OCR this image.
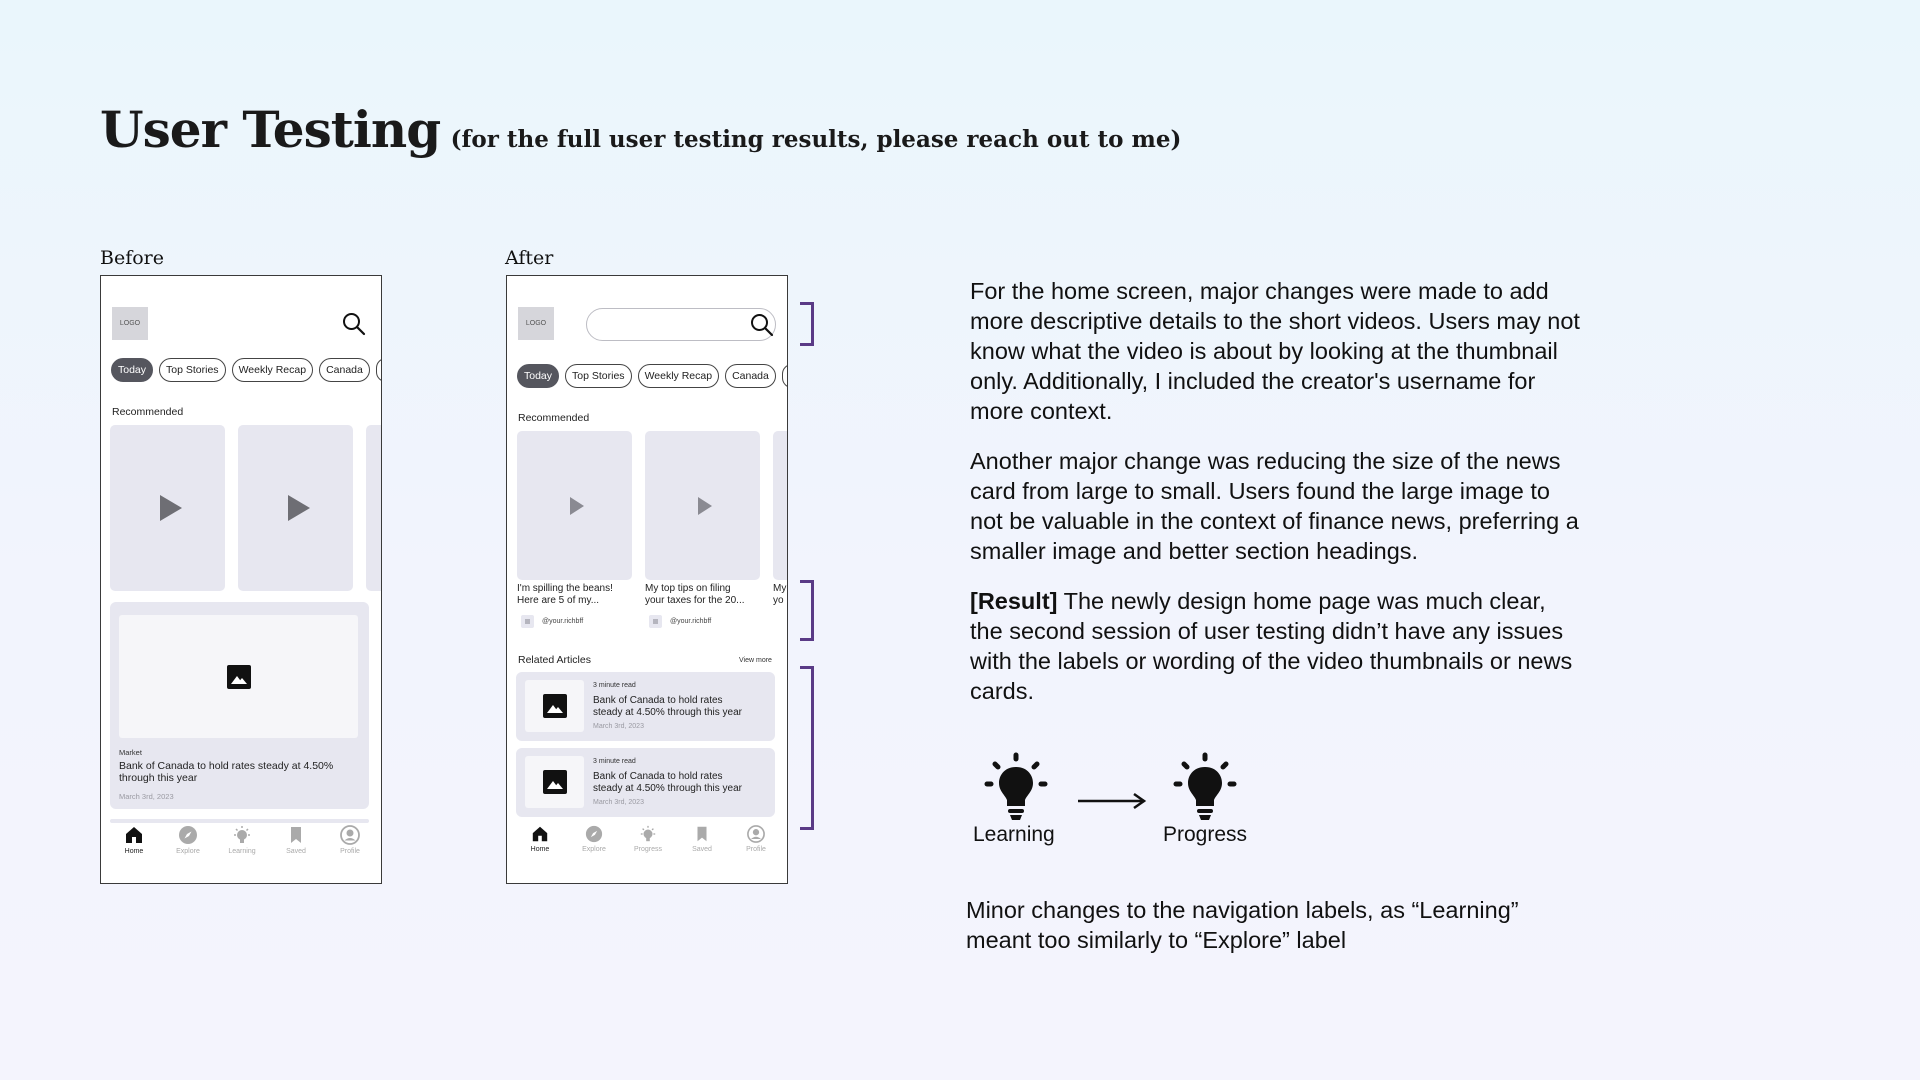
User Testing (for the full user testing results, please reach out to me)
Before
LOGO
Today	Top Stories	Weekly Recap	Canada
Recommended
Market
Bank of Canada to hold rates steady at 4.50% through this year
March 3rd, 2023
Home	Explore	Learning	Saved	Profile
After
LOGO
Today	Top Stories	Weekly Recap	Canada
Recommended
I'm spilling the beans!
Here are 5 of my...
@your.richbff
My top tips on filing
your taxes for the 20...
@your.richbff
My
yo
Related Articles	View more
3 minute read
Bank of Canada to hold rates
steady at 4.50% through this year
March 3rd, 2023
3 minute read
Bank of Canada to hold rates
steady at 4.50% through this year
March 3rd, 2023
Home	Explore	Progress	Saved	Profile
For the home screen, major changes were made to add more descriptive details to the short videos. Users may not know what the video is about by looking at the thumbnail only. Additionally, I included the creator's username for more context.
Another major change was reducing the size of the news card from large to small. Users found the large image to not be valuable in the context of finance news, preferring a smaller image and better section headings.
[Result] The newly design home page was much clear, the second session of user testing didn’t have any issues with the labels or wording of the video thumbnails or news cards.
Learning	Progress
Minor changes to the navigation labels, as “Learning” meant too similarly to “Explore” label
